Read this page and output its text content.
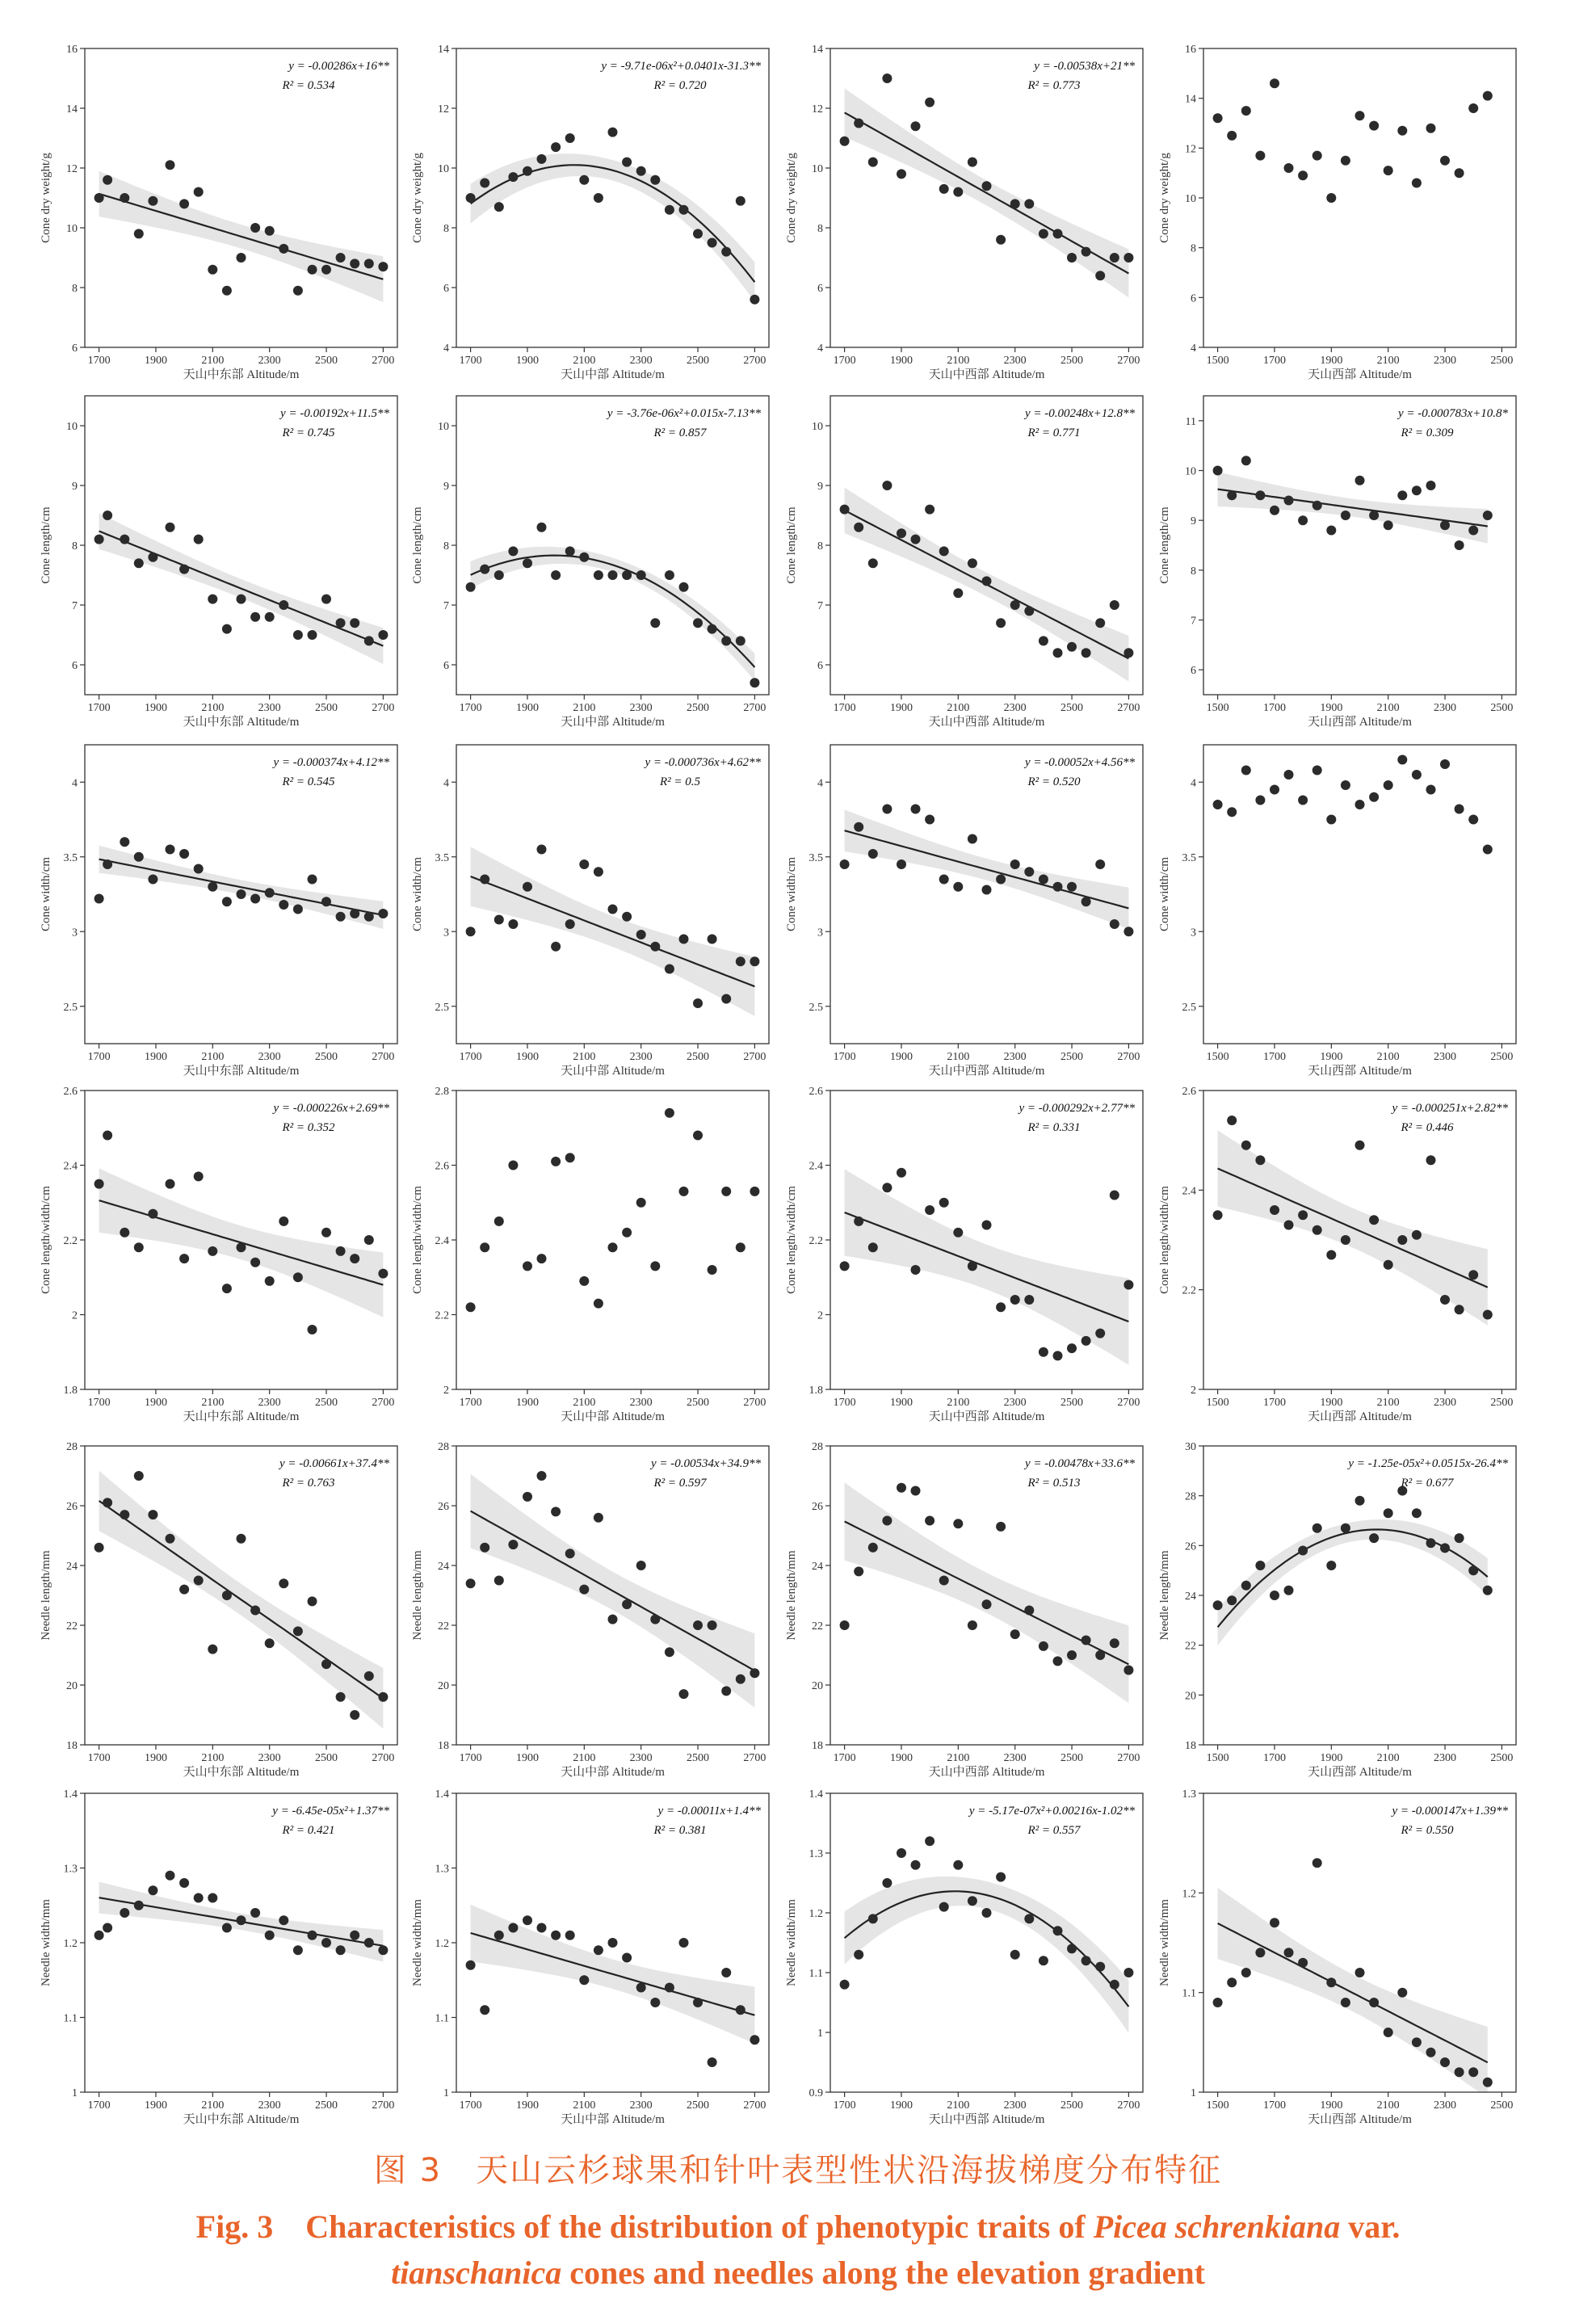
1700	1900	2100	2300	2500	2700
6
8
10
12
14
16
天山中东部 Altitude/m
Cone dry weight/g
y = -0.00286x+16**
R² = 0.534
1700	1900	2100	2300	2500	2700
4
6
8
10
12
14
天山中部 Altitude/m
Cone dry weight/g
y = -9.71e-06x²+0.0401x-31.3**
R² = 0.720
1700	1900	2100	2300	2500	2700
4
6
8
10
12
14
天山中西部 Altitude/m
Cone dry weight/g
y = -0.00538x+21**
R² = 0.773
1500	1700	1900	2100	2300	2500
4
6
8
10
12
14
16
天山西部 Altitude/m
Cone dry weight/g
1700	1900	2100	2300	2500	2700
6
7
8
9
10
天山中东部 Altitude/m
Cone length/cm
y = -0.00192x+11.5**
R² = 0.745
1700	1900	2100	2300	2500	2700
6
7
8
9
10
天山中部 Altitude/m
Cone length/cm
y = -3.76e-06x²+0.015x-7.13**
R² = 0.857
1700	1900	2100	2300	2500	2700
6
7
8
9
10
天山中西部 Altitude/m
Cone length/cm
y = -0.00248x+12.8**
R² = 0.771
1500	1700	1900	2100	2300	2500
6
7
8
9
10
11
天山西部 Altitude/m
Cone length/cm
y = -0.000783x+10.8*
R² = 0.309
1700	1900	2100	2300	2500	2700
2.5
3
3.5
4
天山中东部 Altitude/m
Cone width/cm
y = -0.000374x+4.12**
R² = 0.545
1700	1900	2100	2300	2500	2700
2.5
3
3.5
4
天山中部 Altitude/m
Cone width/cm
y = -0.000736x+4.62**
R² = 0.5
1700	1900	2100	2300	2500	2700
2.5
3
3.5
4
天山中西部 Altitude/m
Cone width/cm
y = -0.00052x+4.56**
R² = 0.520
1500	1700	1900	2100	2300	2500
2.5
3
3.5
4
天山西部 Altitude/m
Cone width/cm
1700	1900	2100	2300	2500	2700
1.8
2
2.2
2.4
2.6
天山中东部 Altitude/m
Cone length/width/cm
y = -0.000226x+2.69**
R² = 0.352
1700	1900	2100	2300	2500	2700
2
2.2
2.4
2.6
2.8
天山中部 Altitude/m
Cone length/width/cm
1700	1900	2100	2300	2500	2700
1.8
2
2.2
2.4
2.6
天山中西部 Altitude/m
Cone length/width/cm
y = -0.000292x+2.77**
R² = 0.331
1500	1700	1900	2100	2300	2500
2
2.2
2.4
2.6
天山西部 Altitude/m
Cone length/width/cm
y = -0.000251x+2.82**
R² = 0.446
1700	1900	2100	2300	2500	2700
18
20
22
24
26
28
天山中东部 Altitude/m
Needle length/mm
y = -0.00661x+37.4**
R² = 0.763
1700	1900	2100	2300	2500	2700
18
20
22
24
26
28
天山中部 Altitude/m
Needle length/mm
y = -0.00534x+34.9**
R² = 0.597
1700	1900	2100	2300	2500	2700
18
20
22
24
26
28
天山中西部 Altitude/m
Needle length/mm
y = -0.00478x+33.6**
R² = 0.513
1500	1700	1900	2100	2300	2500
18
20
22
24
26
28
30
天山西部 Altitude/m
Needle length/mm
y = -1.25e-05x²+0.0515x-26.4**
R² = 0.677
1700	1900	2100	2300	2500	2700
1
1.1
1.2
1.3
1.4
天山中东部 Altitude/m
Needle width/mm
y = -6.45e-05x²+1.37**
R² = 0.421
1700	1900	2100	2300	2500	2700
1
1.1
1.2
1.3
1.4
天山中部 Altitude/m
Needle width/mm
y = -0.00011x+1.4**
R² = 0.381
1700	1900	2100	2300	2500	2700
0.9
1
1.1
1.2
1.3
1.4
天山中西部 Altitude/m
Needle width/mm
y = -5.17e-07x²+0.00216x-1.02**
R² = 0.557
1500	1700	1900	2100	2300	2500
1
1.1
1.2
1.3
天山西部 Altitude/m
Needle width/mm
y = -0.000147x+1.39**
R² = 0.550
图 3　天山云杉球果和针叶表型性状沿海拔梯度分布特征
Fig. 3　Characteristics of the distribution of phenotypic traits of Picea schrenkiana var.
tianschanica cones and needles along the elevation gradient
